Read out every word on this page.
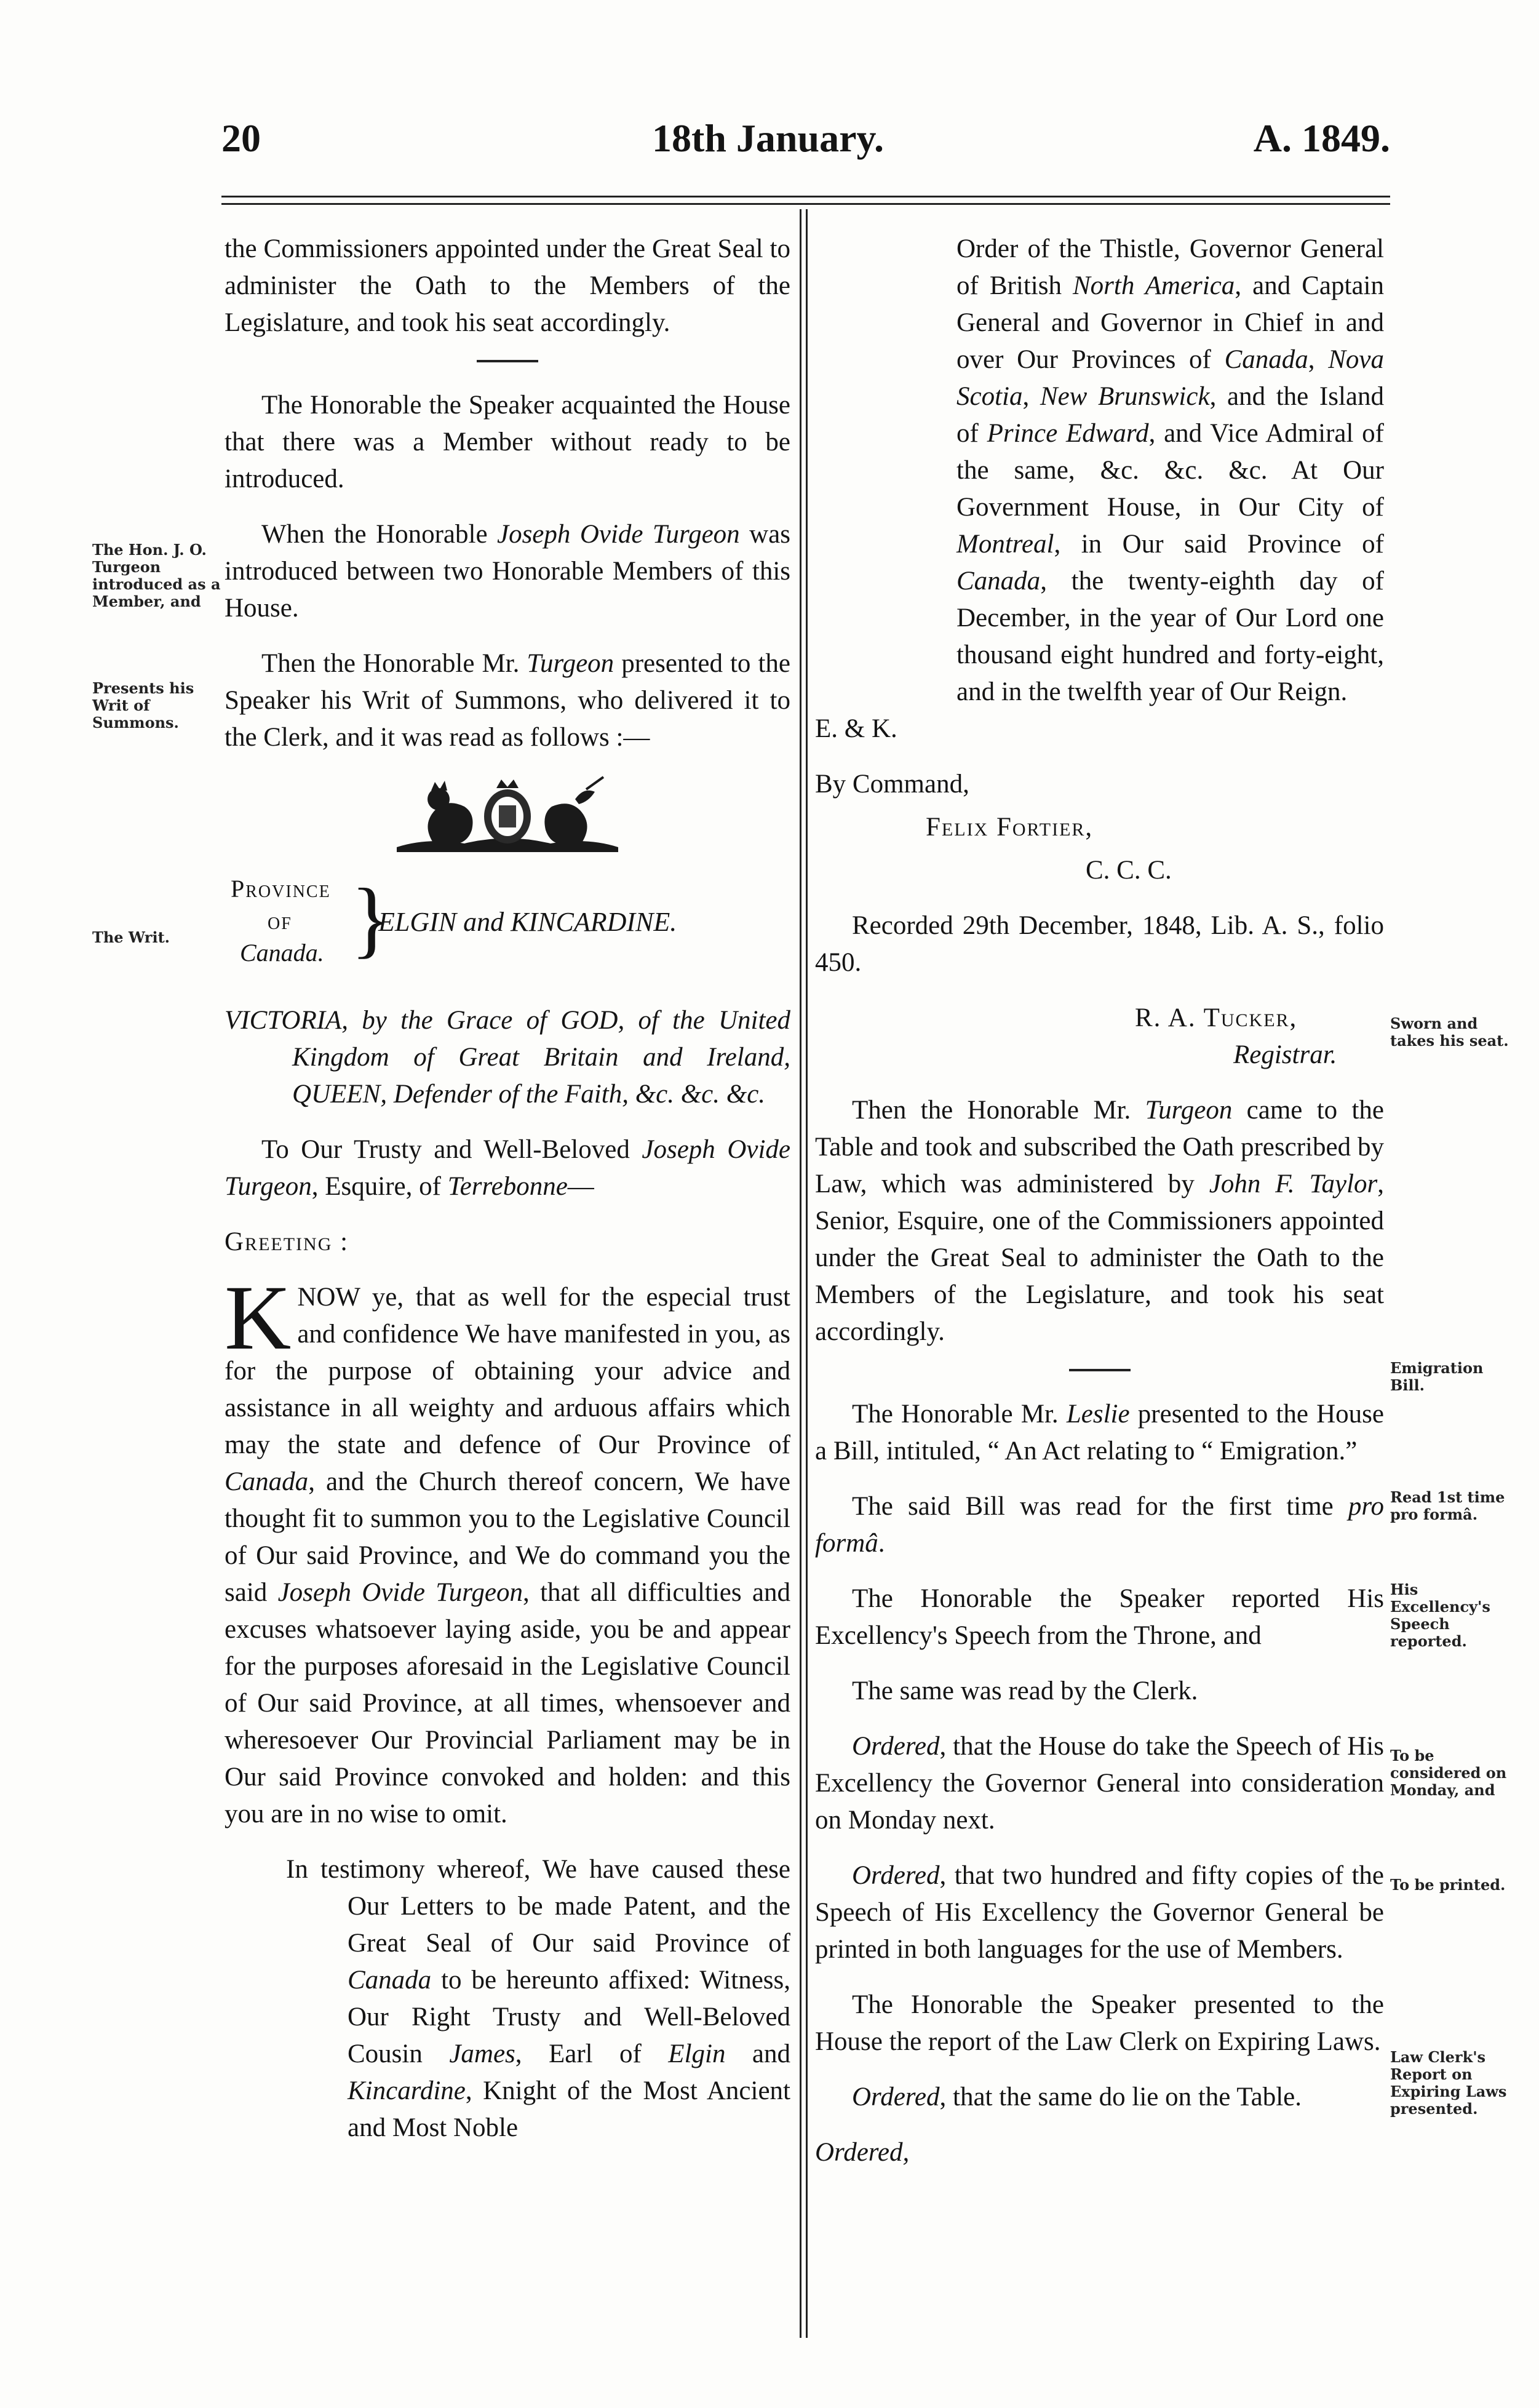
20	18th January.	A. 1849.
The Hon. J. O. Turgeon introduced as a Member, and
Presents his Writ of Summons.
The Writ.

the Commissioners appointed under the Great Seal to administer the Oath to the Members of the Legislature, and took his seat accordingly.

The Honorable the Speaker acquainted the House that there was a Member without ready to be introduced.

When the Honorable Joseph Ovide Turgeon was introduced between two Honorable Members of this House.

Then the Honorable Mr. Turgeon presented to the Speaker his Writ of Summons, who delivered it to the Clerk, and it was read as follows :—

Province
of
Canada. }
ELGIN and KINCARDINE.

VICTORIA, by the Grace of GOD, of the United Kingdom of Great Britain and Ireland, QUEEN, Defender of the Faith, &c. &c. &c.

To Our Trusty and Well-Beloved Joseph Ovide Turgeon, Esquire, of Terrebonne—

Greeting :

KNOW ye, that as well for the especial trust and confidence We have manifested in you, as for the purpose of obtaining your advice and assistance in all weighty and arduous affairs which may the state and defence of Our Province of Canada, and the Church thereof concern, We have thought fit to summon you to the Legislative Council of Our said Province, and We do command you the said Joseph Ovide Turgeon, that all difficulties and excuses whatsoever laying aside, you be and appear for the purposes aforesaid in the Legislative Council of Our said Province, at all times, whensoever and wheresoever Our Provincial Parliament may be in Our said Province convoked and holden: and this you are in no wise to omit.

In testimony whereof, We have caused these Our Letters to be made Patent, and the Great Seal of Our said Province of Canada to be hereunto affixed: Witness, Our Right Trusty and Well-Beloved Cousin James, Earl of Elgin and Kincardine, Knight of the Most Ancient and Most Noble

Order of the Thistle, Governor General of British North America, and Captain General and Governor in Chief in and over Our Provinces of Canada, Nova Scotia, New Brunswick, and the Island of Prince Edward, and Vice Admiral of the same, &c. &c. &c. At Our Government House, in Our City of Montreal, in Our said Province of Canada, the twenty-eighth day of December, in the year of Our Lord one thousand eight hundred and forty-eight, and in the twelfth year of Our Reign.

E. & K.

By Command,

Felix Fortier,

C. C. C.

Recorded 29th December, 1848, Lib. A. S., folio 450.

R. A. Tucker,

Registrar.

Then the Honorable Mr. Turgeon came to the Table and took and subscribed the Oath prescribed by Law, which was administered by John F. Taylor, Senior, Esquire, one of the Commissioners appointed under the Great Seal to administer the Oath to the Members of the Legislature, and took his seat accordingly.

The Honorable Mr. Leslie presented to the House a Bill, intituled, “ An Act relating to “ Emigration.”

The said Bill was read for the first time pro formâ.

The Honorable the Speaker reported His Excellency's Speech from the Throne, and

The same was read by the Clerk.

Ordered, that the House do take the Speech of His Excellency the Governor General into consideration on Monday next.

Ordered, that two hundred and fifty copies of the Speech of His Excellency the Governor General be printed in both languages for the use of Members.

The Honorable the Speaker presented to the House the report of the Law Clerk on Expiring Laws.

Ordered, that the same do lie on the Table.

Ordered,

Sworn and takes his seat.
Emigration Bill.
Read 1st time pro formâ.
His Excellency's Speech reported.
To be considered on Monday, and
To be printed.
Law Clerk's Report on Expiring Laws presented.
